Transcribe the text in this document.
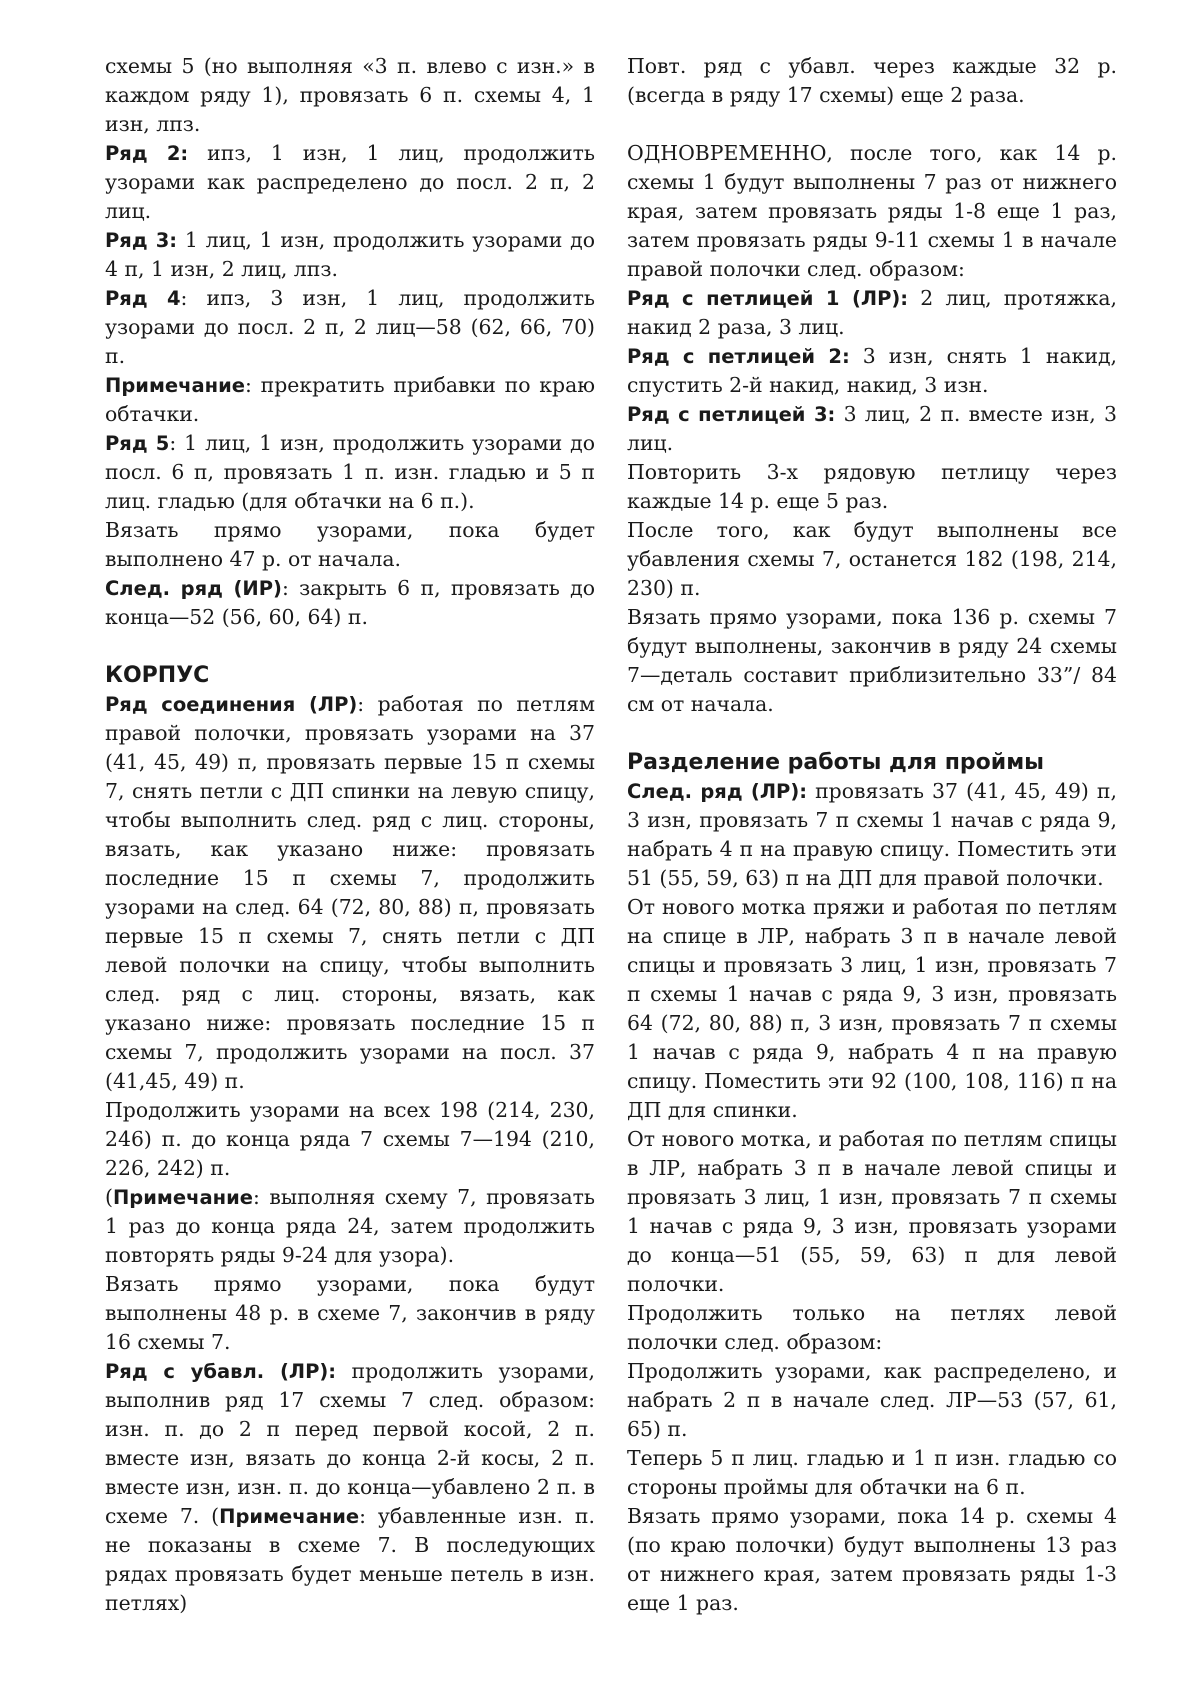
схемы 5 (но выполняя «3 п. влево с изн.» в каждом ряду 1), провязать 6 п. схемы 4, 1 изн, лпз.

Ряд 2: ипз, 1 изн, 1 лиц, продолжить узорами как распределено до посл. 2 п, 2 лиц.

Ряд 3: 1 лиц, 1 изн, продолжить узорами до 4 п, 1 изн, 2 лиц, лпз.

Ряд 4: ипз, 3 изн, 1 лиц, продолжить узорами до посл. 2 п, 2 лиц—58 (62, 66, 70) п.

Примечание: прекратить прибавки по краю обтачки.

Ряд 5: 1 лиц, 1 изн, продолжить узорами до посл. 6 п, провязать 1 п. изн. гладью и 5 п лиц. гладью (для обтачки на 6 п.).

Вязать прямо узорами, пока будет выполнено 47 р. от начала.

След. ряд (ИР): закрыть 6 п, провязать до конца—52 (56, 60, 64) п.

КОРПУС

Ряд соединения (ЛР): работая по петлям правой полочки, провязать узорами на 37 (41, 45, 49) п, провязать первые 15 п схемы 7, снять петли с ДП спинки на левую спицу, чтобы выполнить след. ряд с лиц. стороны, вязать, как указано ниже: провязать последние 15 п схемы 7, продолжить узорами на след. 64 (72, 80, 88) п, провязать первые 15 п схемы 7, снять петли с ДП левой полочки на спицу, чтобы выполнить след. ряд с лиц. стороны, вязать, как указано ниже: провязать последние 15 п схемы 7, продолжить узорами на посл. 37 (41,45, 49) п.

Продолжить узорами на всех 198 (214, 230, 246) п. до конца ряда 7 схемы 7—194 (210, 226, 242) п.

(Примечание: выполняя схему 7, провязать 1 раз до конца ряда 24, затем продолжить повторять ряды 9-24 для узора).

Вязать прямо узорами, пока будут выполнены 48 р. в схеме 7, закончив в ряду 16 схемы 7.

Ряд с убавл. (ЛР): продолжить узорами, выполнив ряд 17 схемы 7 след. образом: изн. п. до 2 п перед первой косой, 2 п. вместе изн, вязать до конца 2-й косы, 2 п. вместе изн, изн. п. до конца—убавлено 2 п. в схеме 7. (Примечание: убавленные изн. п. не показаны в схеме 7. В последующих рядах провязать будет меньше петель в изн. петлях)

Повт. ряд с убавл. через каждые 32 р. (всегда в ряду 17 схемы) еще 2 раза.

ОДНОВРЕМЕННО, после того, как 14 р. схемы 1 будут выполнены 7 раз от нижнего края, затем провязать ряды 1-8 еще 1 раз, затем провязать ряды 9-11 схемы 1 в начале правой полочки след. образом:

Ряд с петлицей 1 (ЛР): 2 лиц, протяжка, накид 2 раза, 3 лиц.

Ряд с петлицей 2: 3 изн, снять 1 накид, спустить 2-й накид, накид, 3 изн.

Ряд с петлицей 3: 3 лиц, 2 п. вместе изн, 3 лиц.

Повторить 3-х рядовую петлицу через каждые 14 р. еще 5 раз.

После того, как будут выполнены все убавления схемы 7, останется 182 (198, 214, 230) п.

Вязать прямо узорами, пока 136 р. схемы 7 будут выполнены, закончив в ряду 24 схемы 7—деталь составит приблизительно 33”/ 84 см от начала.

Разделение работы для проймы

След. ряд (ЛР): провязать 37 (41, 45, 49) п, 3 изн, провязать 7 п схемы 1 начав с ряда 9, набрать 4 п на правую спицу. Поместить эти 51 (55, 59, 63) п на ДП для правой полочки.

От нового мотка пряжи и работая по петлям на спице в ЛР, набрать 3 п в начале левой спицы и провязать 3 лиц, 1 изн, провязать 7 п схемы 1 начав с ряда 9, 3 изн, провязать 64 (72, 80, 88) п, 3 изн, провязать 7 п схемы 1 начав с ряда 9, набрать 4 п на правую спицу. Поместить эти 92 (100, 108, 116) п на ДП для спинки.

От нового мотка, и работая по петлям спицы в ЛР, набрать 3 п в начале левой спицы и провязать 3 лиц, 1 изн, провязать 7 п схемы 1 начав с ряда 9, 3 изн, провязать узорами до конца—51 (55, 59, 63) п для левой полочки.

Продолжить только на петлях левой полочки след. образом:

Продолжить узорами, как распределено, и набрать 2 п в начале след. ЛР—53 (57, 61, 65) п.

Теперь 5 п лиц. гладью и 1 п изн. гладью со стороны проймы для обтачки на 6 п.

Вязать прямо узорами, пока 14 р. схемы 4 (по краю полочки) будут выполнены 13 раз от нижнего края, затем провязать ряды 1-3 еще 1 раз.
